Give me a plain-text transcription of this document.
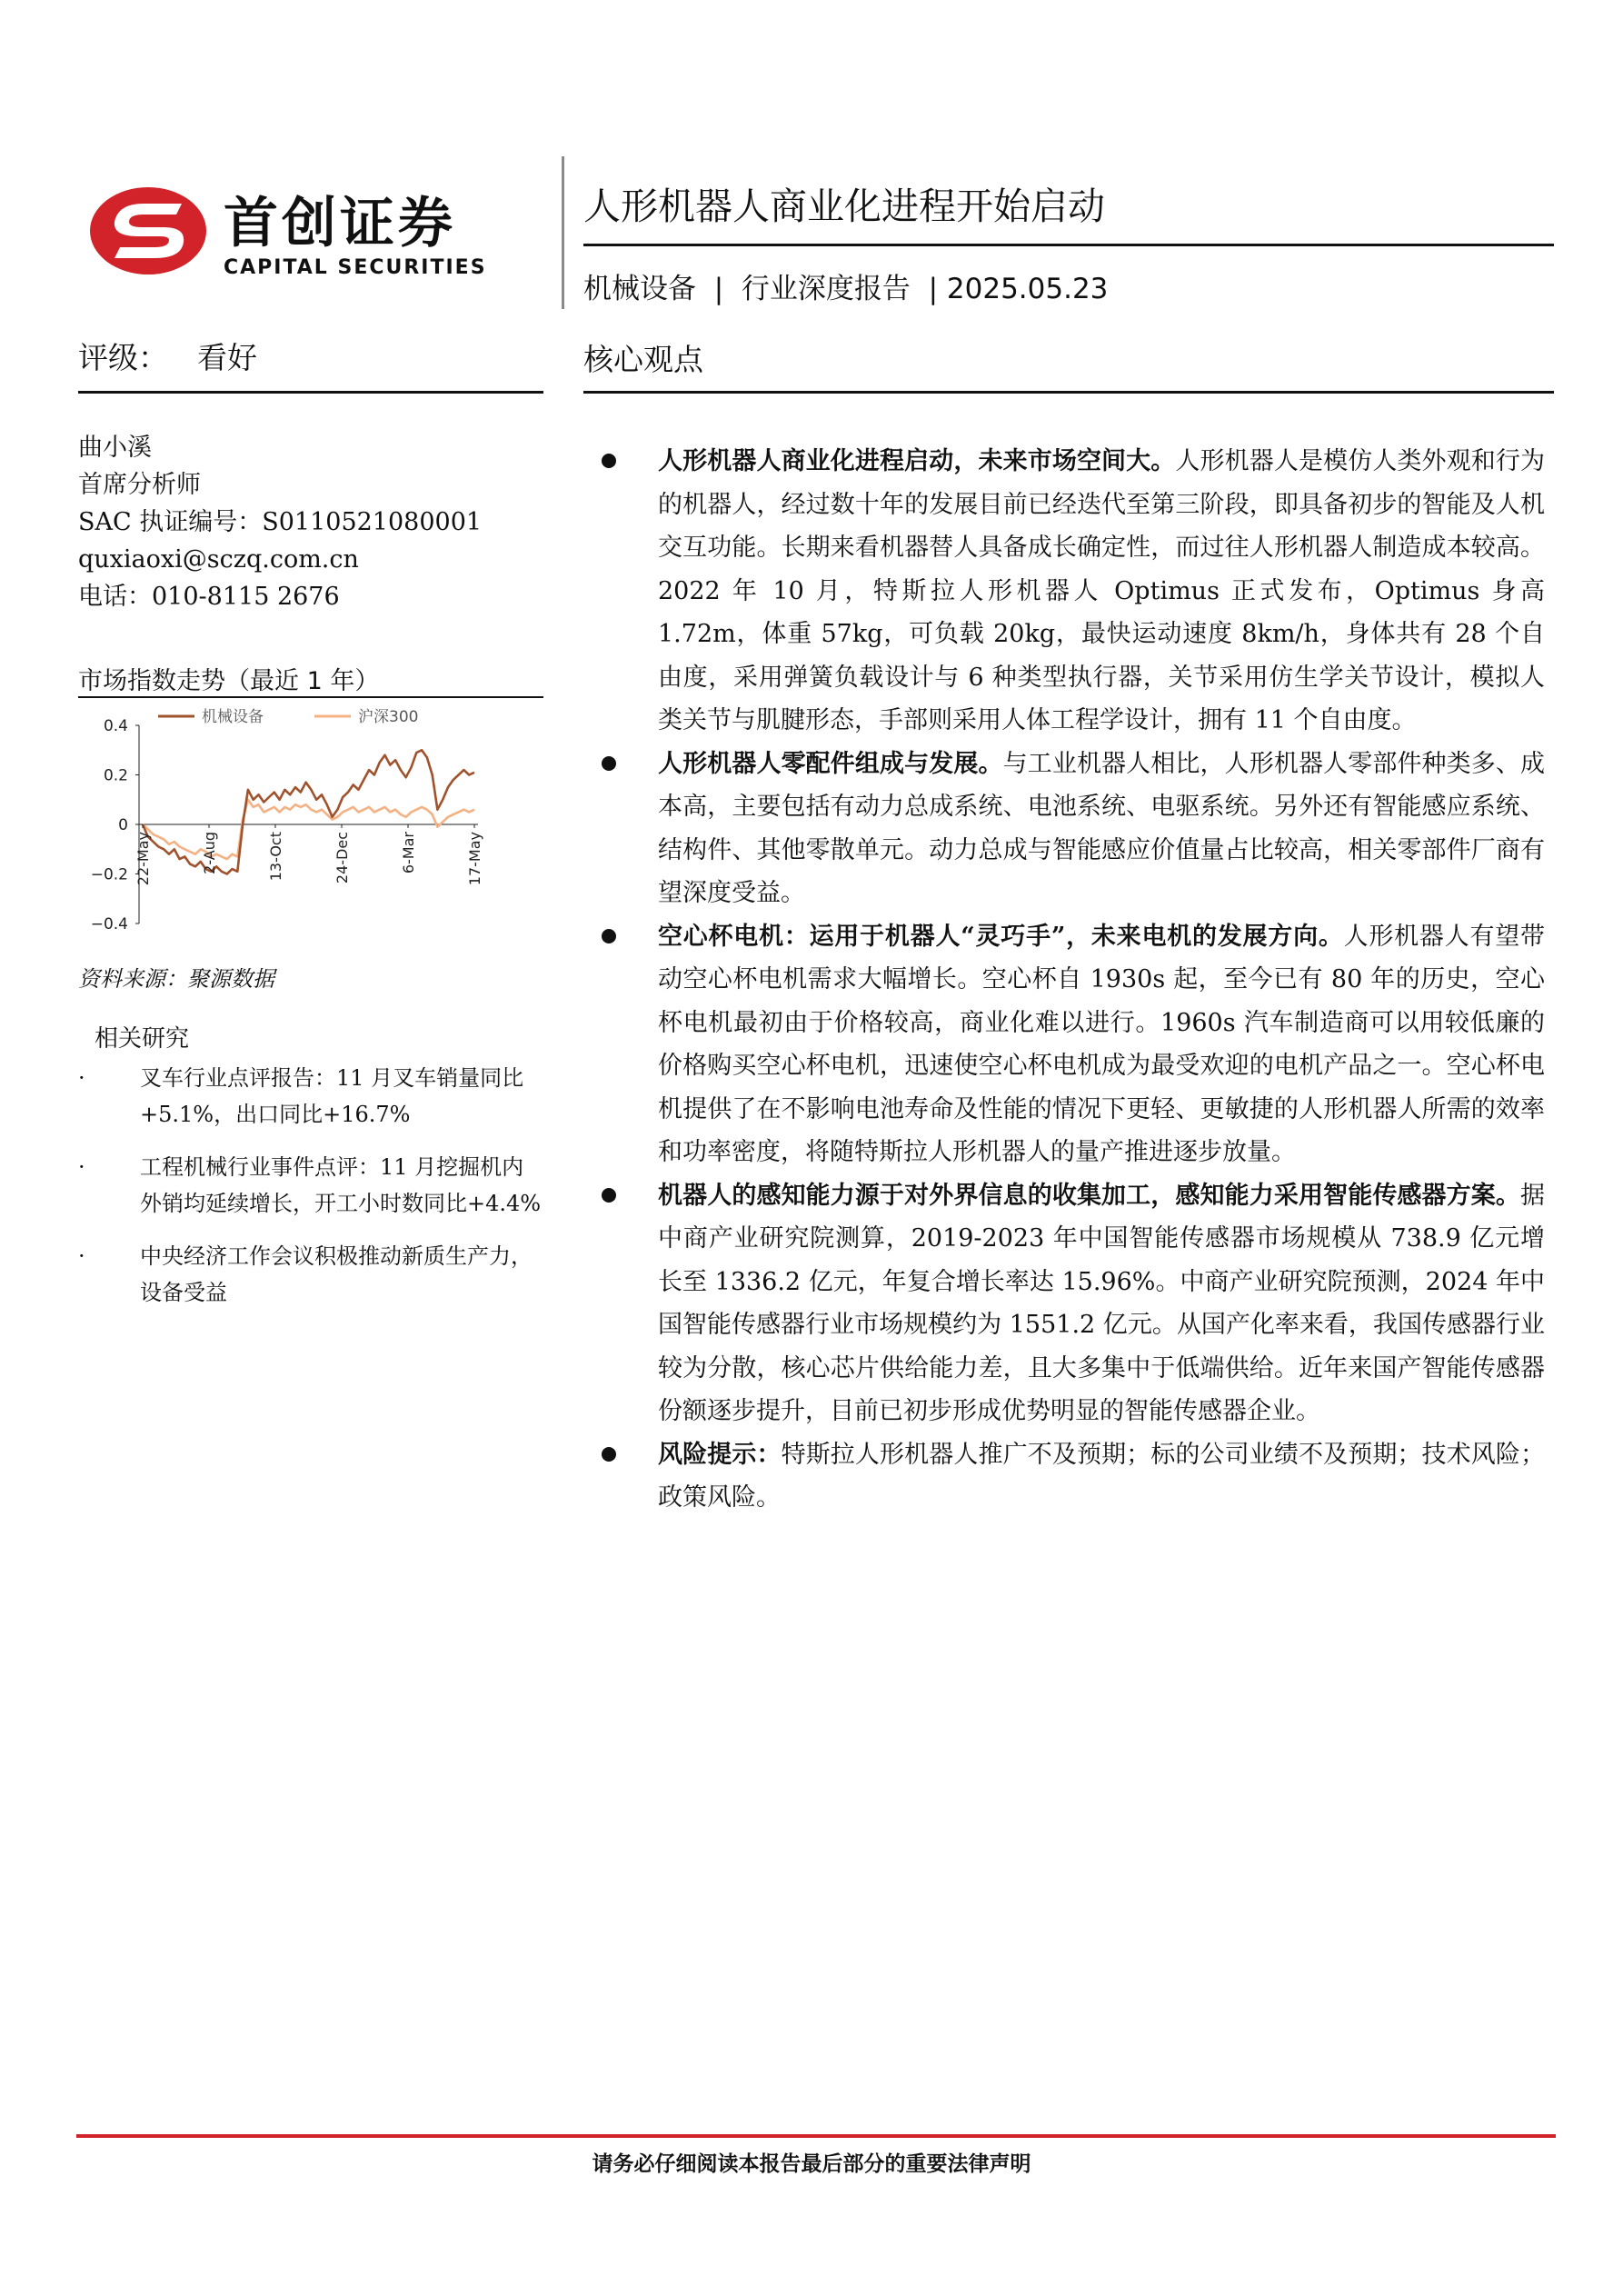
首创证券
CAPITAL SECURITIES
人形机器人商业化进程开始启动
机械设备  |  行业深度报告  | 2025.05.23
评级： 看好	核心观点
曲小溪
首席分析师
SAC 执证编号：S0110521080001
quxiaoxi@sczq.com.cn
电话：010-8115 2676
市场指数走势（最近 1 年）
0.4
0.2
0
−0.2
−0.4
22-May	2-Aug	13-Oct	24-Dec	6-Mar	17-May
机械设备	沪深300
资料来源：聚源数据
相关研究
·	叉车行业点评报告：11 月叉车销量同比+5.1%，出口同比+16.7%
·	工程机械行业事件点评：11 月挖掘机内外销均延续增长，开工小时数同比+4.4%
·	中央经济工作会议积极推动新质生产力，设备受益
人形机器人商业化进程启动，未来市场空间大。人形机器人是模仿人类外观和行为的机器人，经过数十年的发展目前已经迭代至第三阶段，即具备初步的智能及人机交互功能。长期来看机器替人具备成长确定性，而过往人形机器人制造成本较高。2022 年 10 月，特斯拉人形机器人 Optimus 正式发布，Optimus 身高 1.72m，体重 57kg，可负载 20kg，最快运动速度 8km/h，身体共有 28 个自由度，采用弹簧负载设计与 6 种类型执行器，关节采用仿生学关节设计，模拟人类关节与肌腱形态，手部则采用人体工程学设计，拥有 11 个自由度。
人形机器人零配件组成与发展。与工业机器人相比，人形机器人零部件种类多、成本高，主要包括有动力总成系统、电池系统、电驱系统。另外还有智能感应系统、结构件、其他零散单元。动力总成与智能感应价值量占比较高，相关零部件厂商有望深度受益。
空心杯电机：运用于机器人“灵巧手”，未来电机的发展方向。人形机器人有望带动空心杯电机需求大幅增长。空心杯自 1930s 起，至今已有 80 年的历史，空心杯电机最初由于价格较高，商业化难以进行。1960s 汽车制造商可以用较低廉的价格购买空心杯电机，迅速使空心杯电机成为最受欢迎的电机产品之一。空心杯电机提供了在不影响电池寿命及性能的情况下更轻、更敏捷的人形机器人所需的效率和功率密度，将随特斯拉人形机器人的量产推进逐步放量。
机器人的感知能力源于对外界信息的收集加工，感知能力采用智能传感器方案。据中商产业研究院测算，2019-2023 年中国智能传感器市场规模从 738.9 亿元增长至 1336.2 亿元，年复合增长率达 15.96%。中商产业研究院预测，2024 年中国智能传感器行业市场规模约为 1551.2 亿元。从国产化率来看，我国传感器行业较为分散，核心芯片供给能力差，且大多集中于低端供给。近年来国产智能传感器份额逐步提升，目前已初步形成优势明显的智能传感器企业。
风险提示：特斯拉人形机器人推广不及预期；标的公司业绩不及预期；技术风险；政策风险。
请务必仔细阅读本报告最后部分的重要法律声明
